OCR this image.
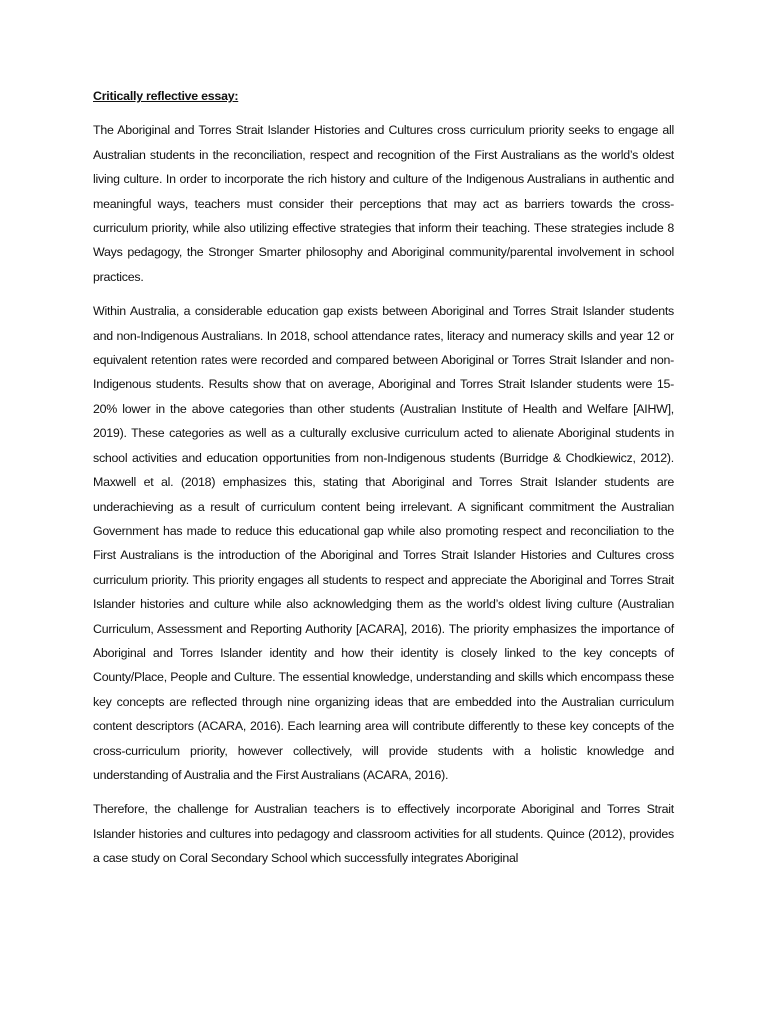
Critically reflective essay:

The Aboriginal and Torres Strait Islander Histories and Cultures cross curriculum priority seeks to engage all Australian students in the reconciliation, respect and recognition of the First Australians as the world’s oldest living culture. In order to incorporate the rich history and culture of the Indigenous Australians in authentic and meaningful ways, teachers must consider their perceptions that may act as barriers towards the cross-curriculum priority, while also utilizing effective strategies that inform their teaching. These strategies include 8 Ways pedagogy, the Stronger Smarter philosophy and Aboriginal community/parental involvement in school practices.

Within Australia, a considerable education gap exists between Aboriginal and Torres Strait Islander students and non-Indigenous Australians. In 2018, school attendance rates, literacy and numeracy skills and year 12 or equivalent retention rates were recorded and compared between Aboriginal or Torres Strait Islander and non-Indigenous students. Results show that on average, Aboriginal and Torres Strait Islander students were 15-20% lower in the above categories than other students (Australian Institute of Health and Welfare [AIHW], 2019). These categories as well as a culturally exclusive curriculum acted to alienate Aboriginal students in school activities and education opportunities from non-Indigenous students (Burridge & Chodkiewicz, 2012). Maxwell et al. (2018) emphasizes this, stating that Aboriginal and Torres Strait Islander students are underachieving as a result of curriculum content being irrelevant. A significant commitment the Australian Government has made to reduce this educational gap while also promoting respect and reconciliation to the First Australians is the introduction of the Aboriginal and Torres Strait Islander Histories and Cultures cross curriculum priority. This priority engages all students to respect and appreciate the Aboriginal and Torres Strait Islander histories and culture while also acknowledging them as the world’s oldest living culture (Australian Curriculum, Assessment and Reporting Authority [ACARA], 2016). The priority emphasizes the importance of Aboriginal and Torres Islander identity and how their identity is closely linked to the key concepts of County/Place, People and Culture. The essential knowledge, understanding and skills which encompass these key concepts are reflected through nine organizing ideas that are embedded into the Australian curriculum content descriptors (ACARA, 2016). Each learning area will contribute differently to these key concepts of the cross-curriculum priority, however collectively, will provide students with a holistic knowledge and understanding of Australia and the First Australians (ACARA, 2016).

Therefore, the challenge for Australian teachers is to effectively incorporate Aboriginal and Torres Strait Islander histories and cultures into pedagogy and classroom activities for all students. Quince (2012), provides a case study on Coral Secondary School which successfully integrates Aboriginal
